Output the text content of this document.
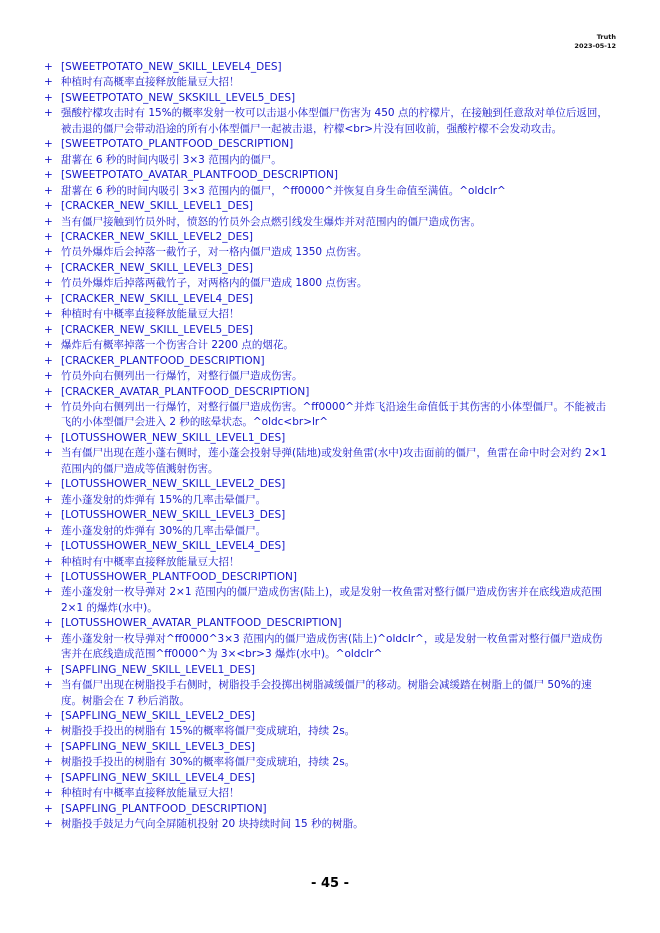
Truth
2023-05-12
+ [SWEETPOTATO_NEW_SKILL_LEVEL4_DES]
+ 种植时有高概率直接释放能量豆大招！
+ [SWEETPOTATO_NEW_SKSKILL_LEVEL5_DES]
+ 强酸柠檬攻击时有 15%的概率发射一枚可以击退小体型僵尸伤害为 450 点的柠檬片，在接触到任意敌对单位后返回，被击退的僵尸会带动沿途的所有小体型僵尸一起被击退，柠檬<br>片没有回收前，强酸柠檬不会发动攻击。
+ [SWEETPOTATO_PLANTFOOD_DESCRIPTION]
+ 甜薯在 6 秒的时间内吸引 3×3 范围内的僵尸。
+ [SWEETPOTATO_AVATAR_PLANTFOOD_DESCRIPTION]
+ 甜薯在 6 秒的时间内吸引 3×3 范围内的僵尸，^ff0000^并恢复自身生命值至满值。^oldclr^
+ [CRACKER_NEW_SKILL_LEVEL1_DES]
+ 当有僵尸接触到竹员外时，愤怒的竹员外会点燃引线发生爆炸并对范围内的僵尸造成伤害。
+ [CRACKER_NEW_SKILL_LEVEL2_DES]
+ 竹员外爆炸后会掉落一截竹子，对一格内僵尸造成 1350 点伤害。
+ [CRACKER_NEW_SKILL_LEVEL3_DES]
+ 竹员外爆炸后掉落两截竹子，对两格内的僵尸造成 1800 点伤害。
+ [CRACKER_NEW_SKILL_LEVEL4_DES]
+ 种植时有中概率直接释放能量豆大招！
+ [CRACKER_NEW_SKILL_LEVEL5_DES]
+ 爆炸后有概率掉落一个伤害合计 2200 点的烟花。
+ [CRACKER_PLANTFOOD_DESCRIPTION]
+ 竹员外向右侧列出一行爆竹，对整行僵尸造成伤害。
+ [CRACKER_AVATAR_PLANTFOOD_DESCRIPTION]
+ 竹员外向右侧列出一行爆竹，对整行僵尸造成伤害。^ff0000^并炸飞沿途生命值低于其伤害的小体型僵尸。不能被击飞的小体型僵尸会进入 2 秒的眩晕状态。^oldc<br>lr^
+ [LOTUSSHOWER_NEW_SKILL_LEVEL1_DES]
+ 当有僵尸出现在莲小蓬右侧时，莲小蓬会投射导弹(陆地)或发射鱼雷(水中)攻击面前的僵尸，鱼雷在命中时会对约 2×1 范围内的僵尸造成等值溅射伤害。
+ [LOTUSSHOWER_NEW_SKILL_LEVEL2_DES]
+ 莲小蓬发射的炸弹有 15%的几率击晕僵尸。
+ [LOTUSSHOWER_NEW_SKILL_LEVEL3_DES]
+ 莲小蓬发射的炸弹有 30%的几率击晕僵尸。
+ [LOTUSSHOWER_NEW_SKILL_LEVEL4_DES]
+ 种植时有中概率直接释放能量豆大招！
+ [LOTUSSHOWER_PLANTFOOD_DESCRIPTION]
+ 莲小蓬发射一枚导弹对 2×1 范围内的僵尸造成伤害(陆上)，或是发射一枚鱼雷对整行僵尸造成伤害并在底线造成范围 2×1 的爆炸(水中)。
+ [LOTUSSHOWER_AVATAR_PLANTFOOD_DESCRIPTION]
+ 莲小蓬发射一枚导弹对^ff0000^3×3 范围内的僵尸造成伤害(陆上)^oldclr^，或是发射一枚鱼雷对整行僵尸造成伤害并在底线造成范围^ff0000^为 3×<br>3 爆炸(水中)。^oldclr^
+ [SAPFLING_NEW_SKILL_LEVEL1_DES]
+ 当有僵尸出现在树脂投手右侧时，树脂投手会投掷出树脂减缓僵尸的移动。树脂会减缓踏在树脂上的僵尸 50%的速度。树脂会在 7 秒后消散。
+ [SAPFLING_NEW_SKILL_LEVEL2_DES]
+ 树脂投手投出的树脂有 15%的概率将僵尸变成琥珀，持续 2s。
+ [SAPFLING_NEW_SKILL_LEVEL3_DES]
+ 树脂投手投出的树脂有 30%的概率将僵尸变成琥珀，持续 2s。
+ [SAPFLING_NEW_SKILL_LEVEL4_DES]
+ 种植时有中概率直接释放能量豆大招！
+ [SAPFLING_PLANTFOOD_DESCRIPTION]
+ 树脂投手鼓足力气向全屏随机投射 20 块持续时间 15 秒的树脂。
- 45 -
